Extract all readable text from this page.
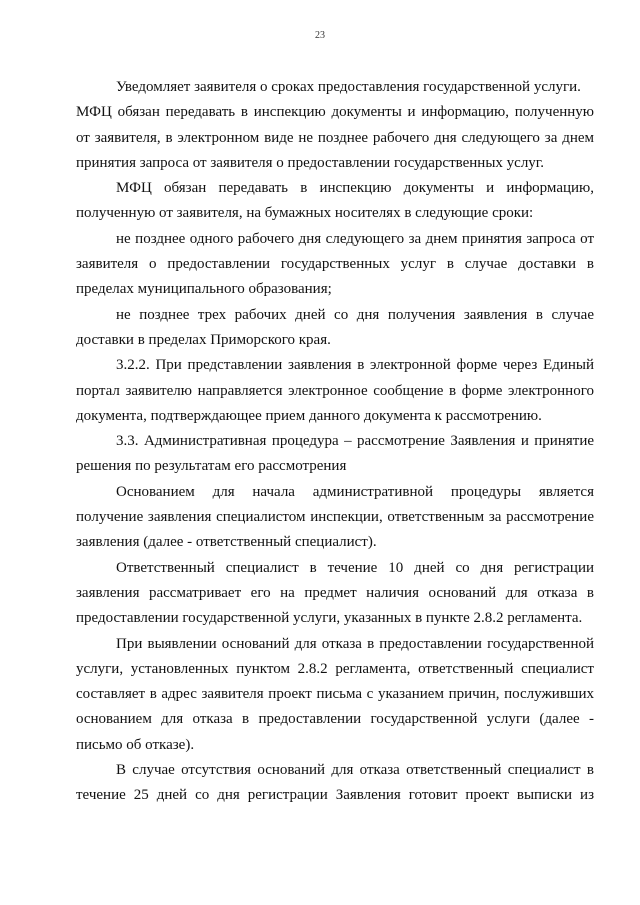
23

Уведомляет заявителя о сроках предоставления государственной услуги.

МФЦ обязан передавать в инспекцию документы и информацию, полученную от заявителя, в электронном виде не позднее рабочего дня следующего за днем принятия запроса от заявителя о предоставлении государственных услуг.

МФЦ обязан передавать в инспекцию документы и информацию, полученную от заявителя, на бумажных носителях в следующие сроки:

не позднее одного рабочего дня следующего за днем принятия запроса от заявителя о предоставлении государственных услуг в случае доставки в пределах муниципального образования;

не позднее трех рабочих дней со дня получения заявления в случае доставки в пределах Приморского края.

3.2.2. При представлении заявления в электронной форме через Единый портал заявителю направляется электронное сообщение в форме электронного документа, подтверждающее прием данного документа к рассмотрению.

3.3. Административная процедура – рассмотрение Заявления и принятие решения по результатам его рассмотрения

Основанием для начала административной процедуры является получение заявления специалистом инспекции, ответственным за рассмотрение заявления (далее - ответственный специалист).

Ответственный специалист в течение 10 дней со дня регистрации заявления рассматривает его на предмет наличия оснований для отказа в предоставлении государственной услуги, указанных в пункте 2.8.2 регламента.

При выявлении оснований для отказа в предоставлении государственной услуги, установленных пунктом 2.8.2 регламента, ответственный специалист составляет в адрес заявителя проект письма с указанием причин, послуживших основанием для отказа в предоставлении государственной услуги (далее - письмо об отказе).

В случае отсутствия оснований для отказа ответственный специалист в течение 25 дней со дня регистрации Заявления готовит проект выписки из
